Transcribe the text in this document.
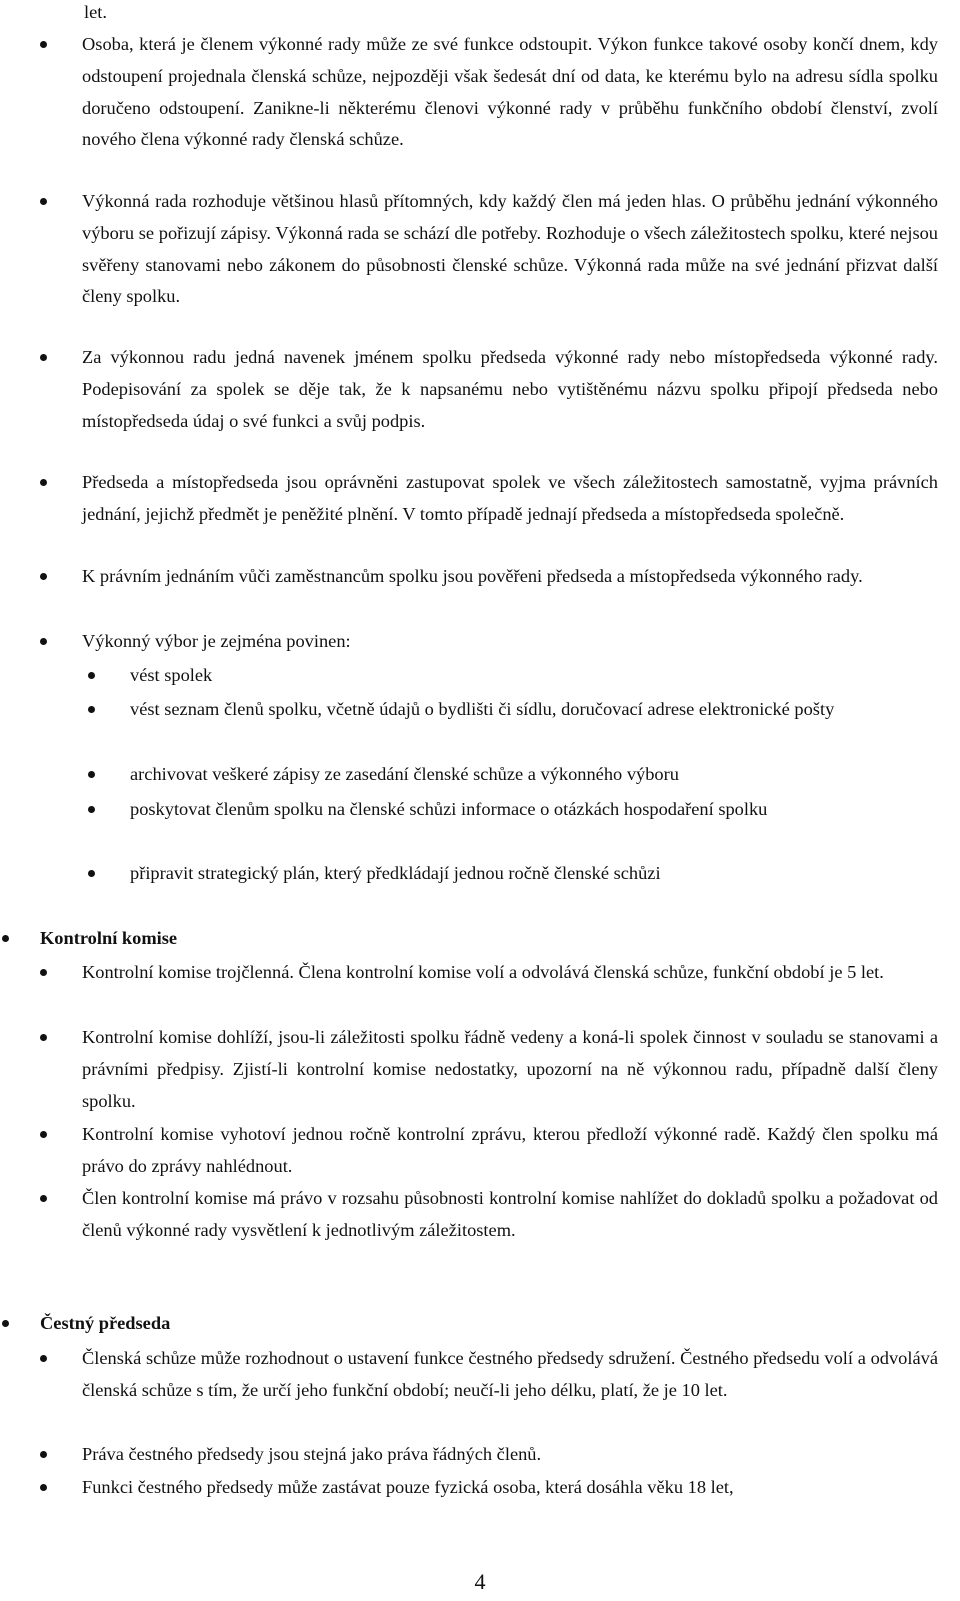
let.
Osoba, která je členem výkonné rady může ze své funkce odstoupit. Výkon funkce takové osoby končí dnem, kdy odstoupení projednala členská schůze, nejpozději však šedesát dní od data, ke kterému bylo na adresu sídla spolku doručeno odstoupení. Zanikne-li některému členovi výkonné rady v průběhu funkčního období členství, zvolí nového člena výkonné rady členská schůze.
Výkonná rada rozhoduje většinou hlasů přítomných, kdy každý člen má jeden hlas. O průběhu jednání výkonného výboru se pořizují zápisy. Výkonná rada se schází dle potřeby. Rozhoduje o všech záležitostech spolku, které nejsou svěřeny stanovami nebo zákonem do působnosti členské schůze. Výkonná rada může na své jednání přizvat další členy spolku.
Za výkonnou radu jedná navenek jménem spolku předseda výkonné rady nebo místopředseda výkonné rady. Podepisování za spolek se děje tak, že k napsanému nebo vytištěnému názvu spolku připojí předseda nebo místopředseda údaj o své funkci a svůj podpis.
Předseda a místopředseda jsou oprávněni zastupovat spolek ve všech záležitostech samostatně, vyjma právních jednání, jejichž předmět je peněžité plnění. V tomto případě jednají předseda a místopředseda společně.
K právním jednáním vůči zaměstnancům spolku jsou pověřeni předseda a místopředseda výkonného rady.
Výkonný výbor je zejména povinen:
vést spolek
vést seznam členů spolku, včetně údajů o bydlišti či sídlu, doručovací adrese elektronické pošty
archivovat veškeré zápisy ze zasedání členské schůze a výkonného výboru
poskytovat členům spolku na členské schůzi informace o otázkách hospodaření spolku
připravit strategický plán, který předkládají jednou ročně členské schůzi
Kontrolní komise
Kontrolní komise trojčlenná. Člena kontrolní komise volí a odvolává členská schůze, funkční období je 5 let.
Kontrolní komise dohlíží, jsou-li záležitosti spolku řádně vedeny a koná-li spolek činnost v souladu se stanovami a právními předpisy. Zjistí-li kontrolní komise nedostatky, upozorní na ně výkonnou radu, případně další členy spolku.
Kontrolní komise vyhotoví jednou ročně kontrolní zprávu, kterou předloží výkonné radě. Každý člen spolku má právo do zprávy nahlédnout.
Člen kontrolní komise má právo v rozsahu působnosti kontrolní komise nahlížet do dokladů spolku a požadovat od členů výkonné rady vysvětlení k jednotlivým záležitostem.
Čestný předseda
Členská schůze může rozhodnout o ustavení funkce čestného předsedy sdružení. Čestného předsedu volí a odvolává členská schůze s tím, že určí jeho funkční období; neučí-li jeho délku, platí, že je 10 let.
Práva čestného předsedy jsou stejná jako práva řádných členů.
Funkci čestného předsedy může zastávat pouze fyzická osoba, která dosáhla věku 18 let,
4
